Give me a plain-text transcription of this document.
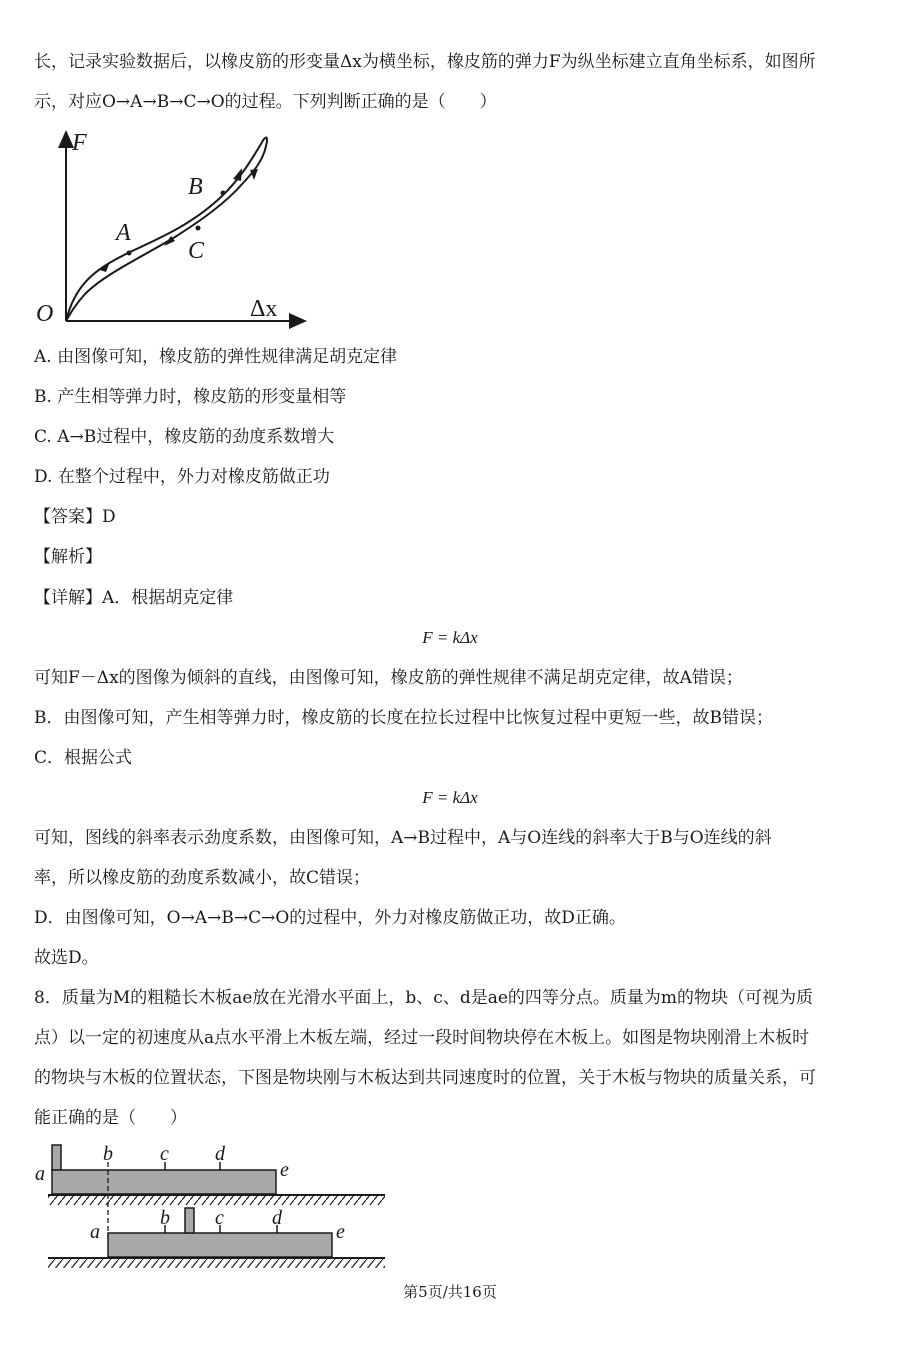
长，记录实验数据后，以橡皮筋的形变量Δx为横坐标，橡皮筋的弹力F为纵坐标建立直角坐标系，如图所
示，对应O→A→B→C→O的过程。下列判断正确的是（　　）
F
Δx
O
A
B
C
A. 由图像可知，橡皮筋的弹性规律满足胡克定律
B. 产生相等弹力时，橡皮筋的形变量相等
C. A→B过程中，橡皮筋的劲度系数增大
D. 在整个过程中，外力对橡皮筋做正功
【答案】D
【解析】
【详解】A．根据胡克定律
F = kΔx
可知F－Δx的图像为倾斜的直线，由图像可知，橡皮筋的弹性规律不满足胡克定律，故A错误；
B．由图像可知，产生相等弹力时，橡皮筋的长度在拉长过程中比恢复过程中更短一些，故B错误；
C．根据公式
F = kΔx
可知，图线的斜率表示劲度系数，由图像可知，A→B过程中，A与O连线的斜率大于B与O连线的斜
率，所以橡皮筋的劲度系数减小，故C错误；
D．由图像可知，O→A→B→C→O的过程中，外力对橡皮筋做正功，故D正确。
故选D。
8．质量为M的粗糙长木板ae放在光滑水平面上，b、c、d是ae的四等分点。质量为m的物块（可视为质
点）以一定的初速度从a点水平滑上木板左端，经过一段时间物块停在木板上。如图是物块刚滑上木板时
的物块与木板的位置状态，下图是物块刚与木板达到共同速度时的位置，关于木板与物块的质量关系，可
能正确的是（　　）
a
b c d
e
a
b c d
e
第5页/共16页
